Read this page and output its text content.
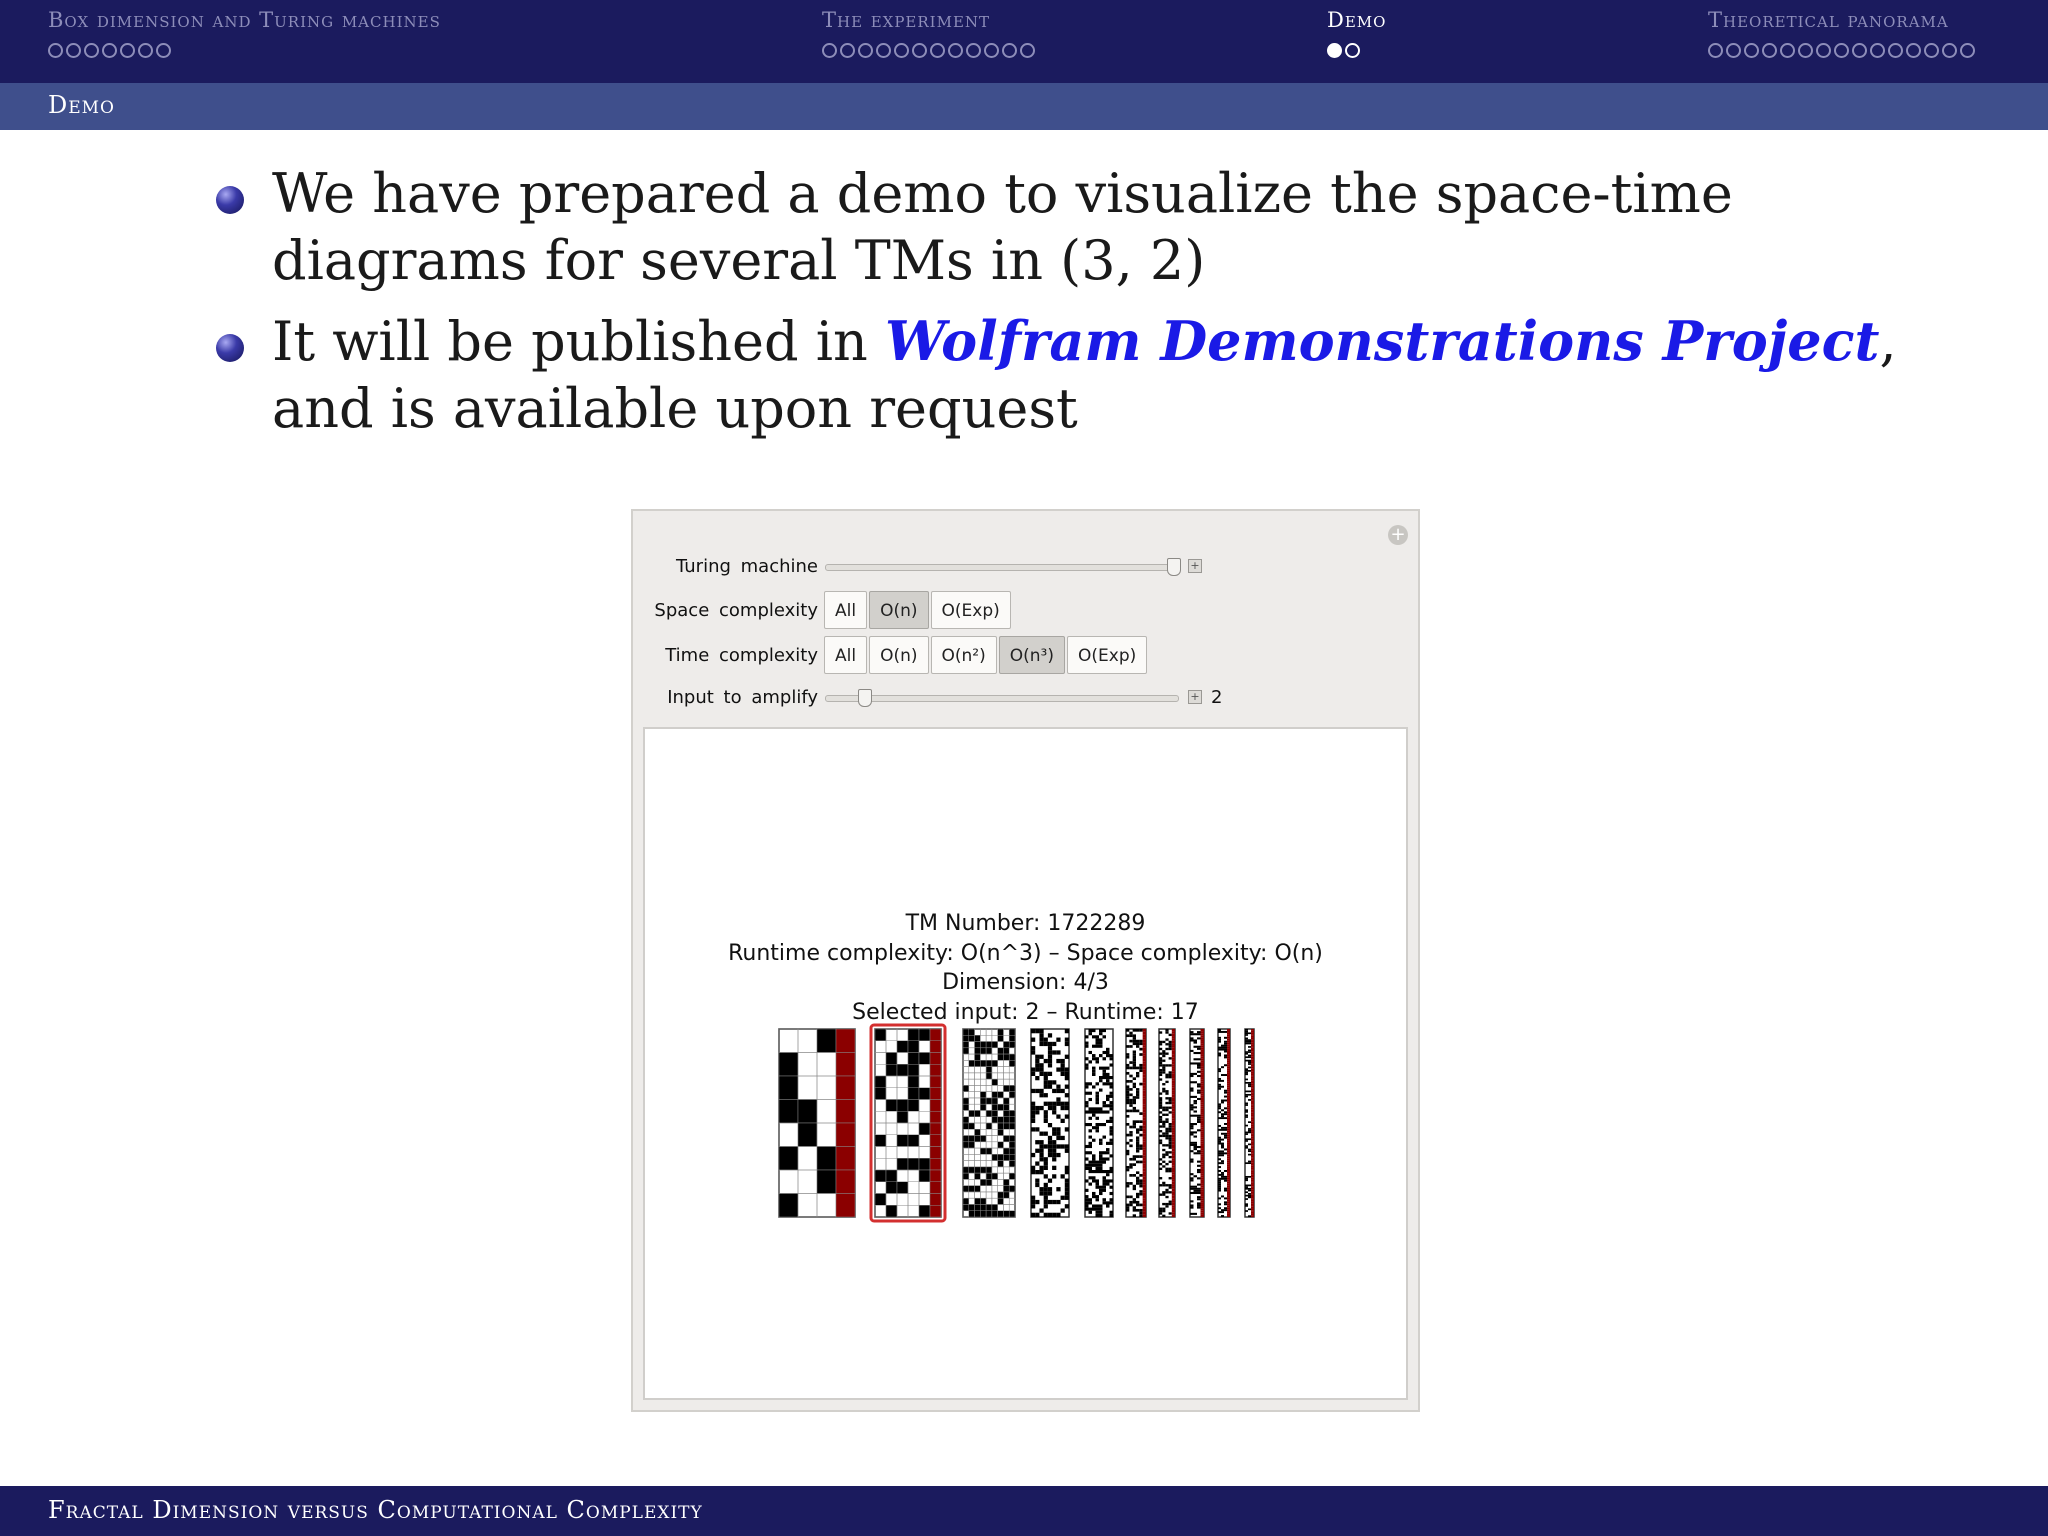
Box dimension and Turing machines	The experiment	Demo	Theoretical panorama
Demo
We have prepared a demo to visualize the space-time diagrams for several TMs in (3, 2)
It will be published in Wolfram Demonstrations Project, and is available upon request
+
Turing machine	+
Space complexity	All	O(n)	O(Exp)
Time complexity	All	O(n)	O(n²)	O(n³)	O(Exp)
Input to amplify	+ 2
TM Number: 1722289
Runtime complexity: O(n^3) – Space complexity: O(n)
Dimension: 4/3
Selected input: 2 – Runtime: 17
Fractal Dimension versus Computational Complexity
